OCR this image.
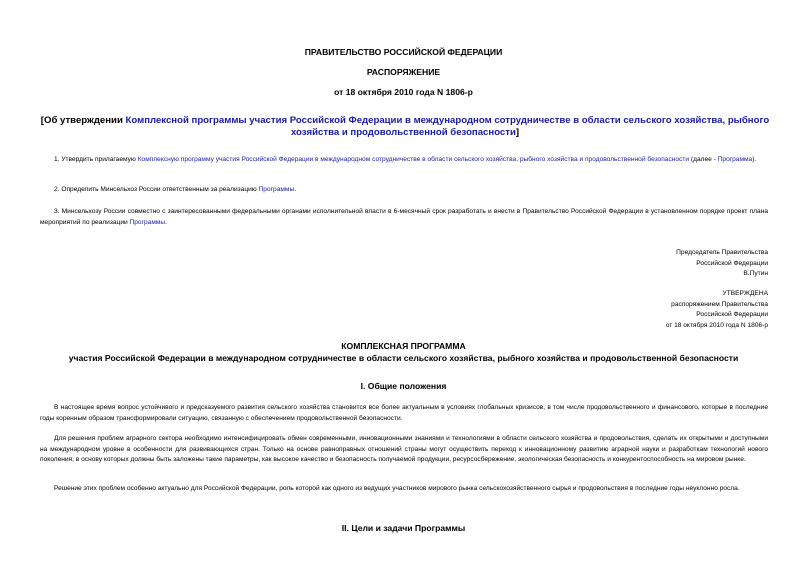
ПРАВИТЕЛЬСТВО РОССИЙСКОЙ ФЕДЕРАЦИИ
РАСПОРЯЖЕНИЕ
от 18 октября 2010 года N 1806-р
[Об утверждении Комплексной программы участия Российской Федерации в международном сотрудничестве в области сельского хозяйства, рыбного хозяйства и продовольственной безопасности]
1. Утвердить прилагаемую Комплексную программу участия Российской Федерации в международном сотрудничестве в области сельского хозяйства, рыбного хозяйства и продовольственной безопасности (далее - Программа).
2. Определить Минсельхоз России ответственным за реализацию Программы.
3. Минсельхозу России совместно с заинтересованными федеральными органами исполнительной власти в 6-месячный срок разработать и внести в Правительство Российской Федерации в установленном порядке проект плана мероприятий по реализации Программы.
Председатель Правительства
Российской Федерации
В.Путин
УТВЕРЖДЕНА
распоряжением Правительства
Российской Федерации
от 18 октября 2010 года N 1806-р
КОМПЛЕКСНАЯ ПРОГРАММА
участия Российской Федерации в международном сотрудничестве в области сельского хозяйства, рыбного хозяйства и продовольственной безопасности
I. Общие положения
В настоящее время вопрос устойчивого и предсказуемого развития сельского хозяйства становится все более актуальным в условиях глобальных кризисов, в том числе продовольственного и финансового, которые в последние годы коренным образом трансформировали ситуацию, связанную с обеспечением продовольственной безопасности.
Для решения проблем аграрного сектора необходимо интенсифицировать обмен современными, инновационными знаниями и технологиями в области сельского хозяйства и продовольствия, сделать их открытыми и доступными на международном уровне в особенности для развивающихся стран. Только на основе равноправных отношений страны могут осуществить переход к инновационному развитию аграрной науки и разработкам технологий нового поколения, в основу которых должны быть заложены такие параметры, как высокое качество и безопасность получаемой продукции, ресурсосбережение, экологическая безопасность и конкурентоспособность на мировом рынке.
Решение этих проблем особенно актуально для Российской Федерации, роль которой как одного из ведущих участников мирового рынка сельскохозяйственного сырья и продовольствия в последние годы неуклонно росла.
II. Цели и задачи Программы
